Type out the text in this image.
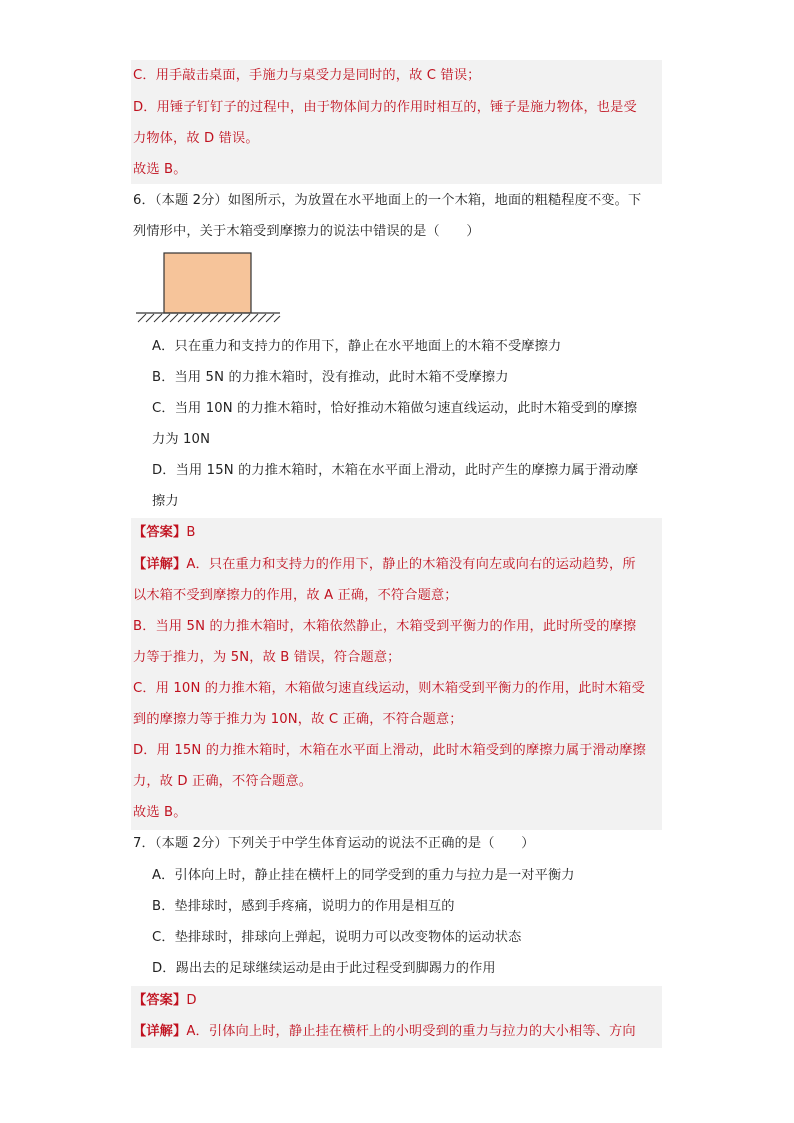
C．用手敲击桌面，手施力与桌受力是同时的，故 C 错误；
D．用锤子钉钉子的过程中，由于物体间力的作用时相互的，锤子是施力物体，也是受
力物体，故 D 错误。
故选 B。
6．（本题 2分）如图所示，为放置在水平地面上的一个木箱，地面的粗糙程度不变。下
列情形中，关于木箱受到摩擦力的说法中错误的是（　　）
A．只在重力和支持力的作用下，静止在水平地面上的木箱不受摩擦力
B．当用 5N 的力推木箱时，没有推动，此时木箱不受摩擦力
C．当用 10N 的力推木箱时，恰好推动木箱做匀速直线运动，此时木箱受到的摩擦
力为 10N
D．当用 15N 的力推木箱时，木箱在水平面上滑动，此时产生的摩擦力属于滑动摩
擦力
【答案】B
【详解】A．只在重力和支持力的作用下，静止的木箱没有向左或向右的运动趋势，所
以木箱不受到摩擦力的作用，故 A 正确，不符合题意；
B．当用 5N 的力推木箱时，木箱依然静止，木箱受到平衡力的作用，此时所受的摩擦
力等于推力，为 5N，故 B 错误，符合题意；
C．用 10N 的力推木箱，木箱做匀速直线运动，则木箱受到平衡力的作用，此时木箱受
到的摩擦力等于推力为 10N，故 C 正确，不符合题意；
D．用 15N 的力推木箱时，木箱在水平面上滑动，此时木箱受到的摩擦力属于滑动摩擦
力，故 D 正确，不符合题意。
故选 B。
7．（本题 2分）下列关于中学生体育运动的说法不正确的是（　　）
A．引体向上时，静止挂在横杆上的同学受到的重力与拉力是一对平衡力
B．垫排球时，感到手疼痛，说明力的作用是相互的
C．垫排球时，排球向上弹起，说明力可以改变物体的运动状态
D．踢出去的足球继续运动是由于此过程受到脚踢力的作用
【答案】D
【详解】A．引体向上时，静止挂在横杆上的小明受到的重力与拉力的大小相等、方向
